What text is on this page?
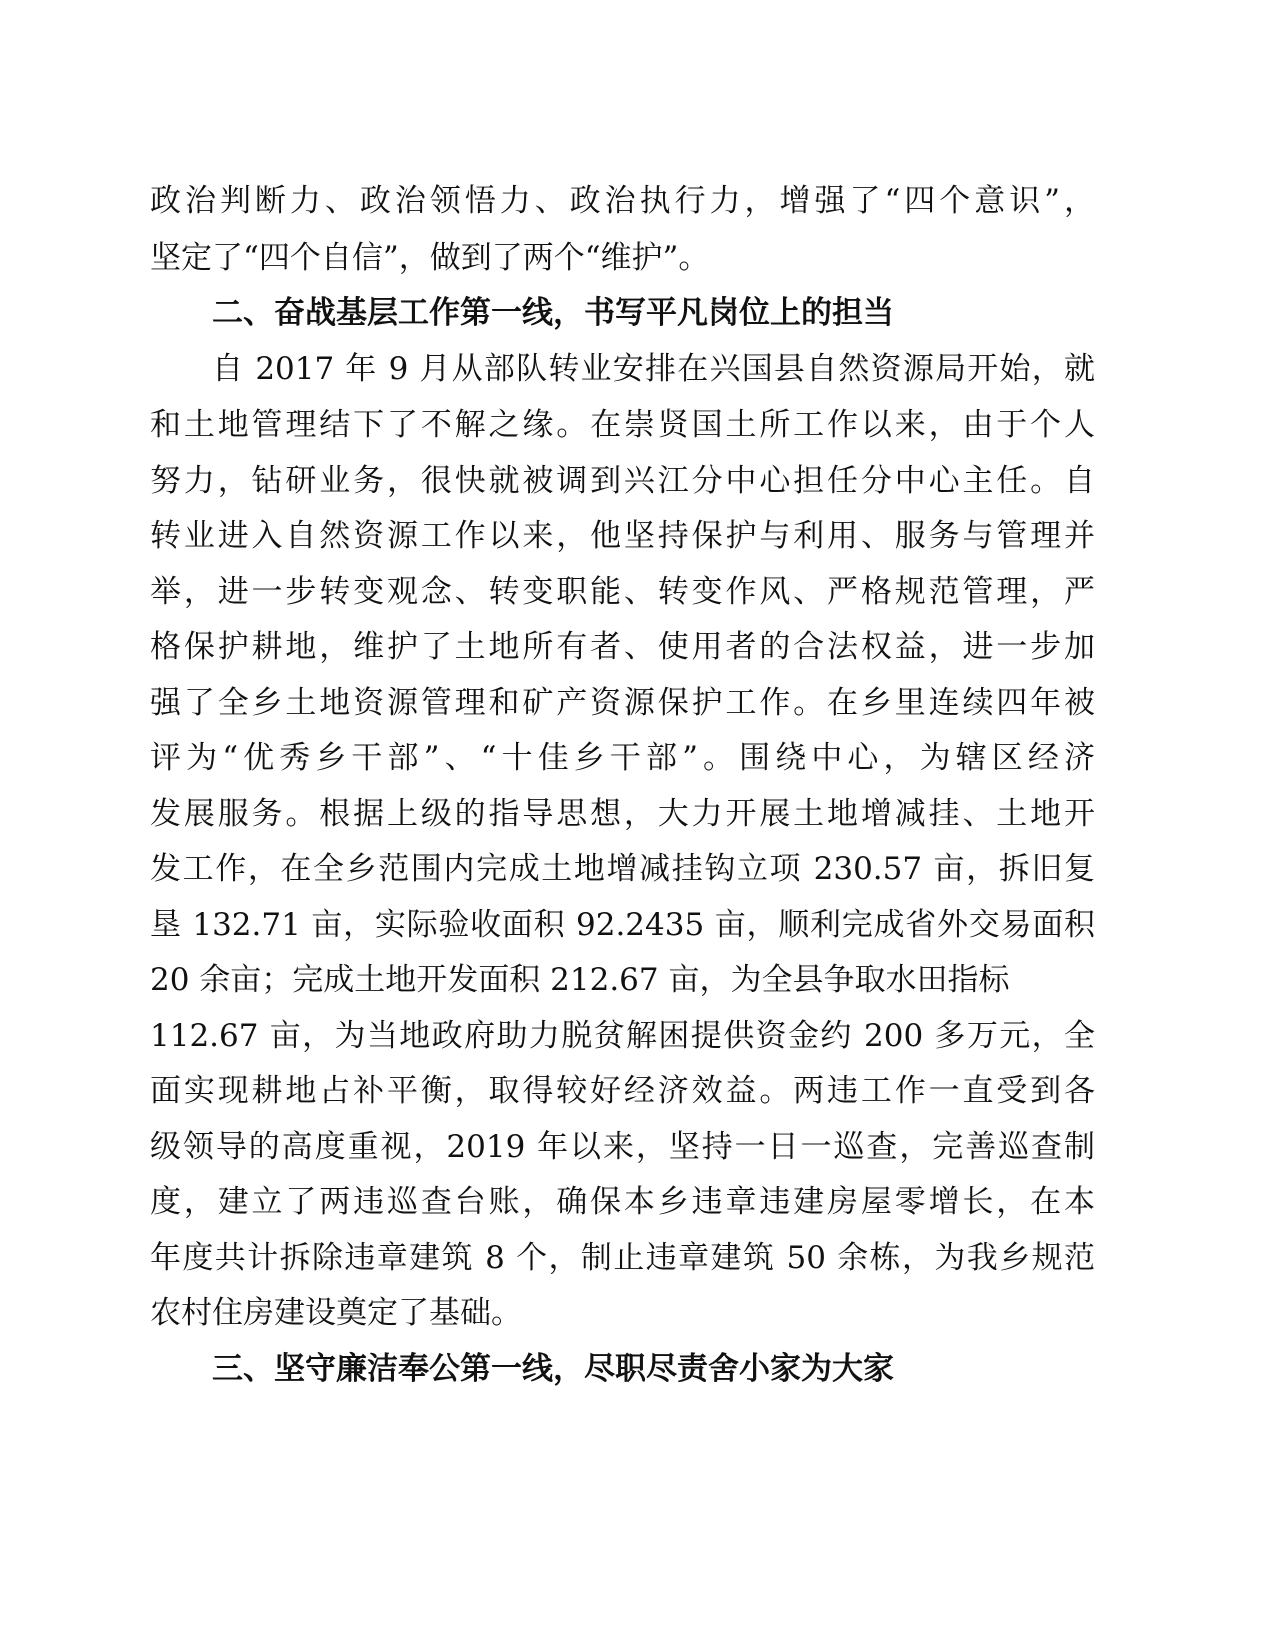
政治判断力、政治领悟力、政治执行力，增强了“四个意识”，
坚定了“四个自信”，做到了两个“维护”。
二、奋战基层工作第一线，书写平凡岗位上的担当
自 2017 年 9 月从部队转业安排在兴国县自然资源局开始，就
和土地管理结下了不解之缘。在崇贤国土所工作以来，由于个人
努力，钻研业务，很快就被调到兴江分中心担任分中心主任。自
转业进入自然资源工作以来，他坚持保护与利用、服务与管理并
举，进一步转变观念、转变职能、转变作风、严格规范管理，严
格保护耕地，维护了土地所有者、使用者的合法权益，进一步加
强了全乡土地资源管理和矿产资源保护工作。在乡里连续四年被
评为“优秀乡干部”、“十佳乡干部”。围绕中心，为辖区经济
发展服务。根据上级的指导思想，大力开展土地增减挂、土地开
发工作，在全乡范围内完成土地增减挂钩立项 230.57 亩，拆旧复
垦 132.71 亩，实际验收面积 92.2435 亩，顺利完成省外交易面积
20 余亩；完成土地开发面积 212.67 亩，为全县争取水田指标
112.67 亩，为当地政府助力脱贫解困提供资金约 200 多万元，全
面实现耕地占补平衡，取得较好经济效益。两违工作一直受到各
级领导的高度重视，2019 年以来，坚持一日一巡查，完善巡查制
度，建立了两违巡查台账，确保本乡违章违建房屋零增长，在本
年度共计拆除违章建筑 8 个，制止违章建筑 50 余栋，为我乡规范
农村住房建设奠定了基础。
三、坚守廉洁奉公第一线，尽职尽责舍小家为大家
